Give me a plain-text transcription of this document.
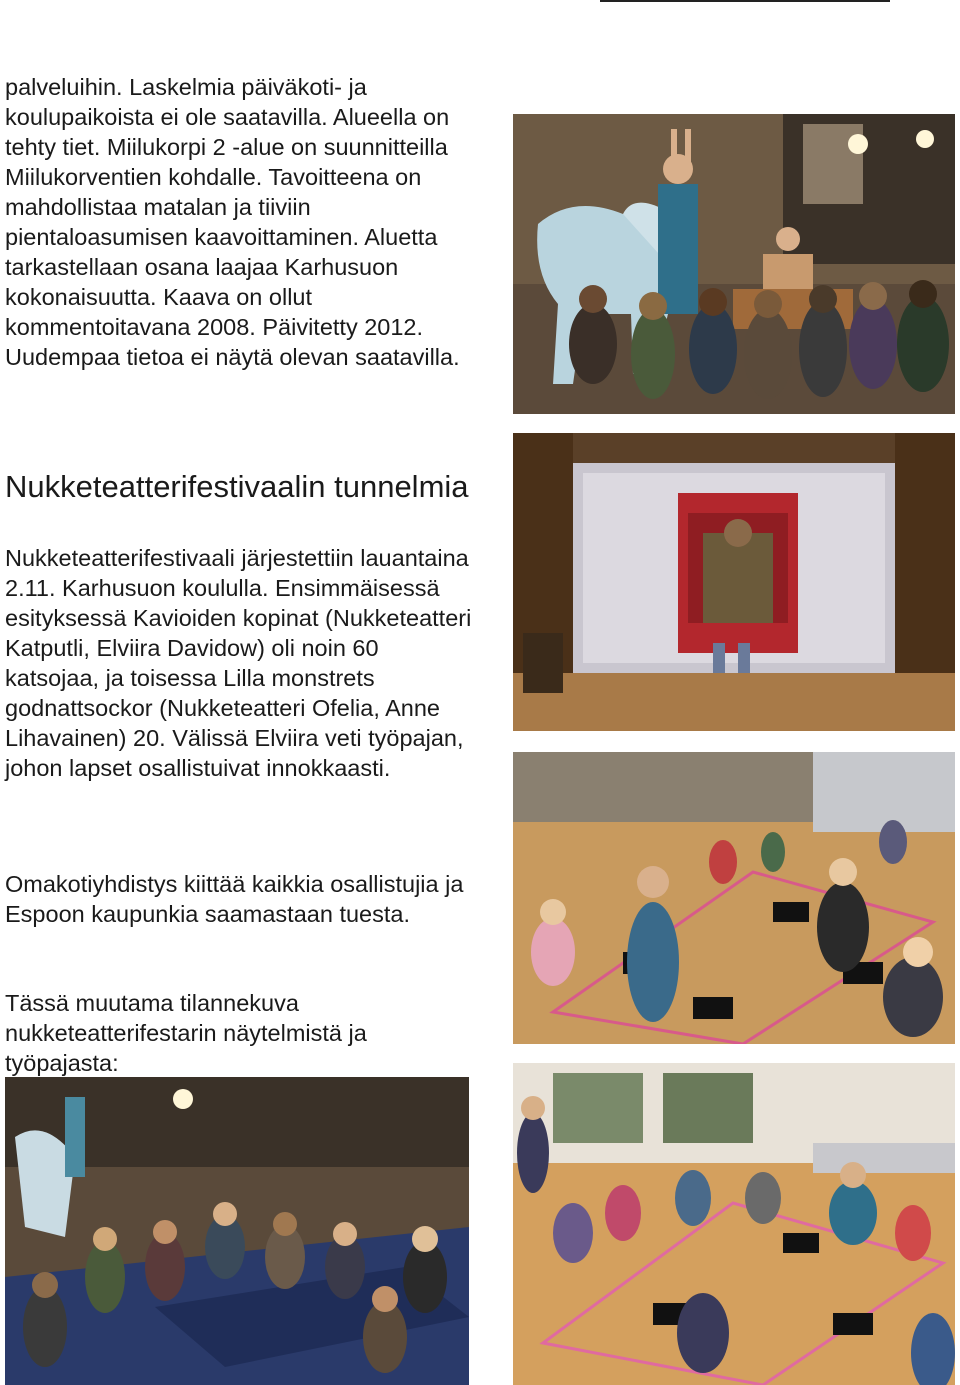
palveluihin. Laskelmia päiväkoti- ja koulupaikoista ei ole saatavilla. Alueella on tehty tiet. Miilukorpi 2 -alue on suunnitteilla Miilukorventien kohdalle. Tavoitteena on mahdollistaa matalan ja tiiviin pientaloasumisen kaavoittaminen. Aluetta tarkastellaan osana laajaa Karhusuon kokonaisuutta. Kaava on ollut kommentoitavana 2008. Päivitetty 2012. Uudempaa tietoa ei näytä olevan saatavilla.
Nukketeatterifestivaalin tunnelmia
Nukketeatterifestivaali järjestettiin lauantaina 2.11. Karhusuon koululla. Ensimmäisessä esityksessä Kavioiden kopinat (Nukketeatteri Katputli, Elviira Davidow) oli noin 60 katsojaa, ja toisessa Lilla monstrets godnattsockor (Nukketeatteri Ofelia, Anne Lihavainen) 20. Välissä Elviira veti työpajan, johon lapset osallistuivat innokkaasti.
Omakotiyhdistys kiittää kaikkia osallistujia ja Espoon kaupunkia saamastaan tuesta.
Tässä muutama tilannekuva nukketeatterifestarin näytelmistä ja työpajasta:
